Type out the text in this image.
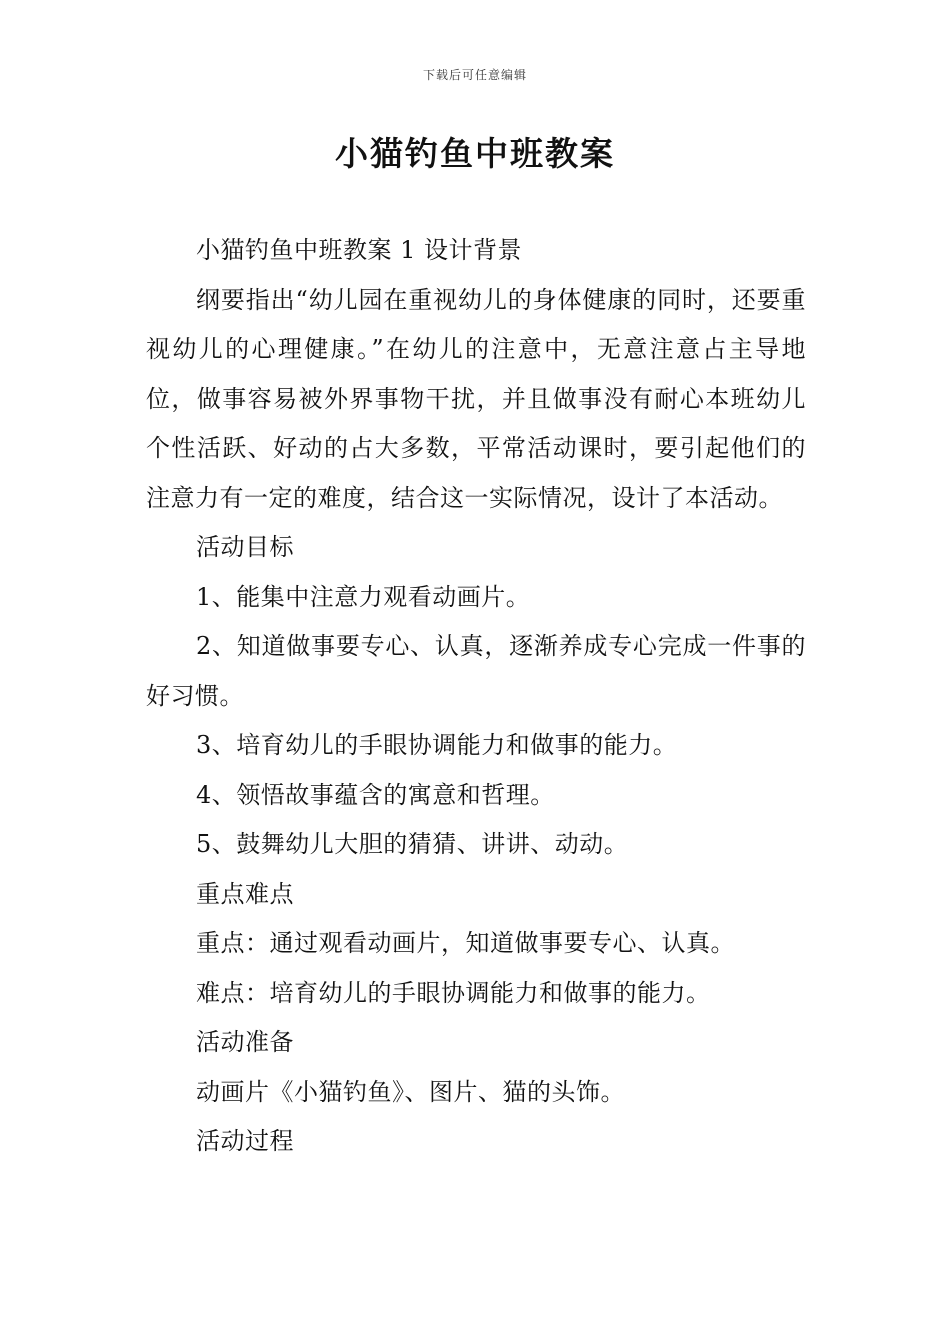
下载后可任意编辑
小猫钓鱼中班教案

小猫钓鱼中班教案 1 设计背景

纲要指出“幼儿园在重视幼儿的身体健康的同时，还要重视幼儿的心理健康。”在幼儿的注意中，无意注意占主导地位，做事容易被外界事物干扰，并且做事没有耐心本班幼儿个性活跃、好动的占大多数，平常活动课时，要引起他们的注意力有一定的难度，结合这一实际情况，设计了本活动。

活动目标

1、能集中注意力观看动画片。

2、知道做事要专心、认真，逐渐养成专心完成一件事的好习惯。

3、培育幼儿的手眼协调能力和做事的能力。

4、领悟故事蕴含的寓意和哲理。

5、鼓舞幼儿大胆的猜猜、讲讲、动动。

重点难点

重点：通过观看动画片，知道做事要专心、认真。

难点：培育幼儿的手眼协调能力和做事的能力。

活动准备

动画片《小猫钓鱼》、图片、猫的头饰。

活动过程
